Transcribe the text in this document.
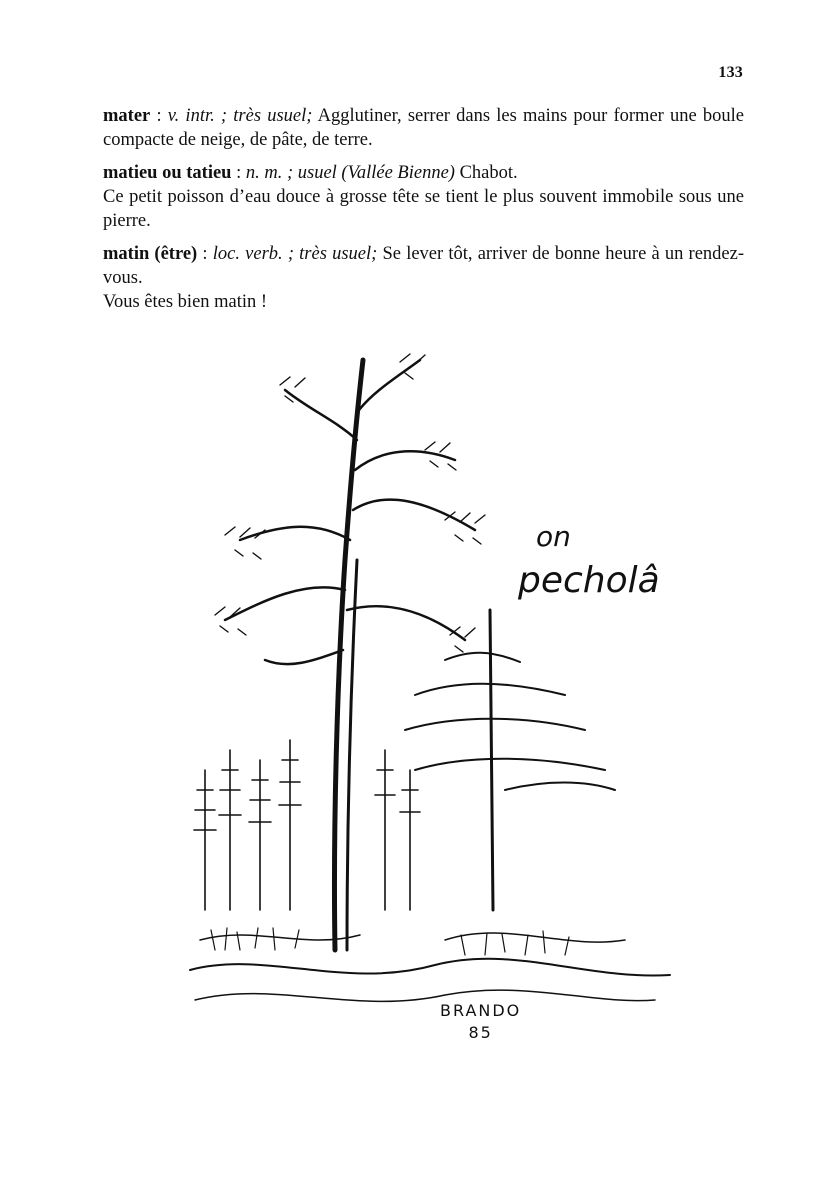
133

mater : v. intr. ; très usuel; Agglutiner, serrer dans les mains pour former une boule compacte de neige, de pâte, de terre.

matieu ou tatieu : n. m. ; usuel (Vallée Bienne) Chabot.

Ce petit poisson d’eau douce à grosse tête se tient le plus souvent immobile sous une pierre.

matin (être) : loc. verb. ; très usuel; Se lever tôt, arriver de bonne heure à un rendez-vous.

Vous êtes bien matin !

on
pecholâ
BRANDO
85
